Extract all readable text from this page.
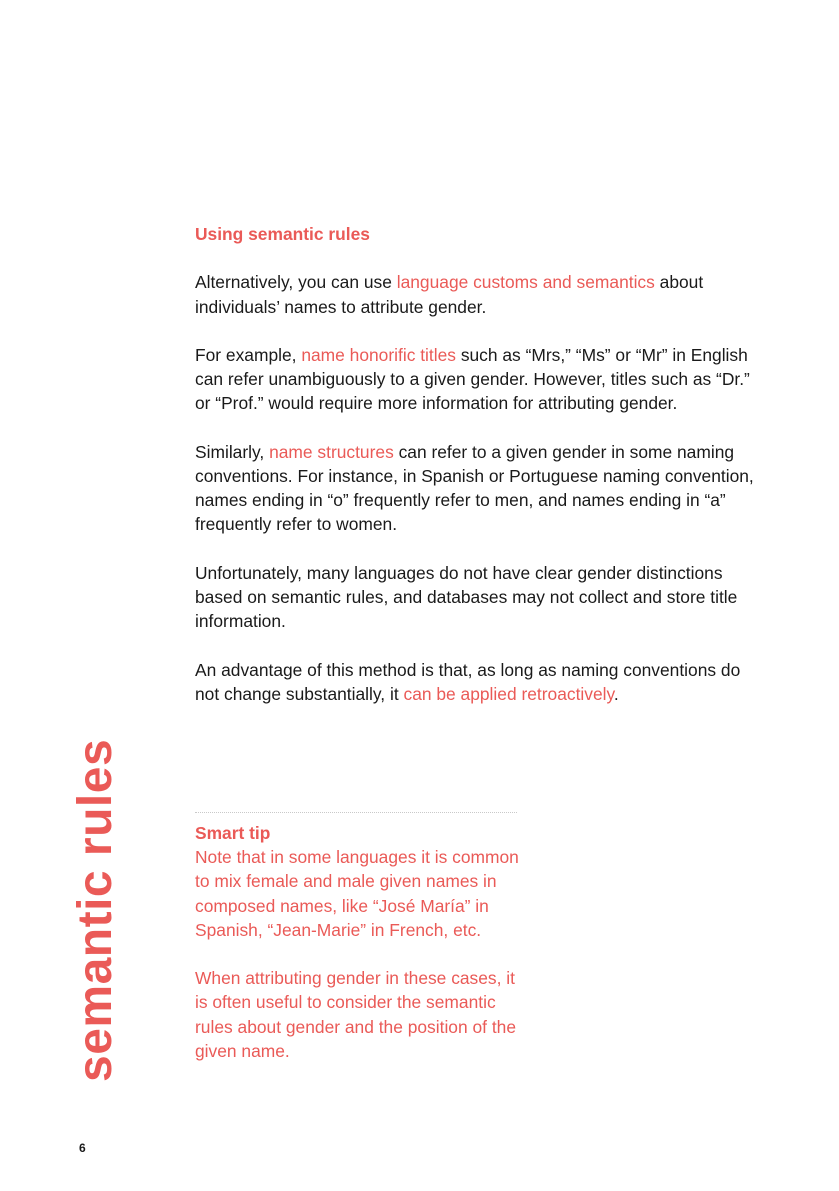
Using semantic rules
Alternatively, you can use language customs and semantics about individuals’ names to attribute gender.
For example, name honorific titles such as “Mrs,” “Ms” or “Mr” in English can refer unambiguously to a given gender. However, titles such as “Dr.” or “Prof.” would require more information for attributing gender.
Similarly, name structures can refer to a given gender in some naming conventions. For instance, in Spanish or Portuguese naming convention, names ending in “o” frequently refer to men, and names ending in “a” frequently refer to women.
Unfortunately, many languages do not have clear gender distinctions based on semantic rules, and databases may not collect and store title information.
An advantage of this method is that, as long as naming conventions do not change substantially, it can be applied retroactively.
Smart tip
Note that in some languages it is common to mix female and male given names in composed names, like “José María” in Spanish, “Jean-Marie” in French, etc.
When attributing gender in these cases, it is often useful to consider the semantic rules about gender and the position of the given name.
semantic rules
6
